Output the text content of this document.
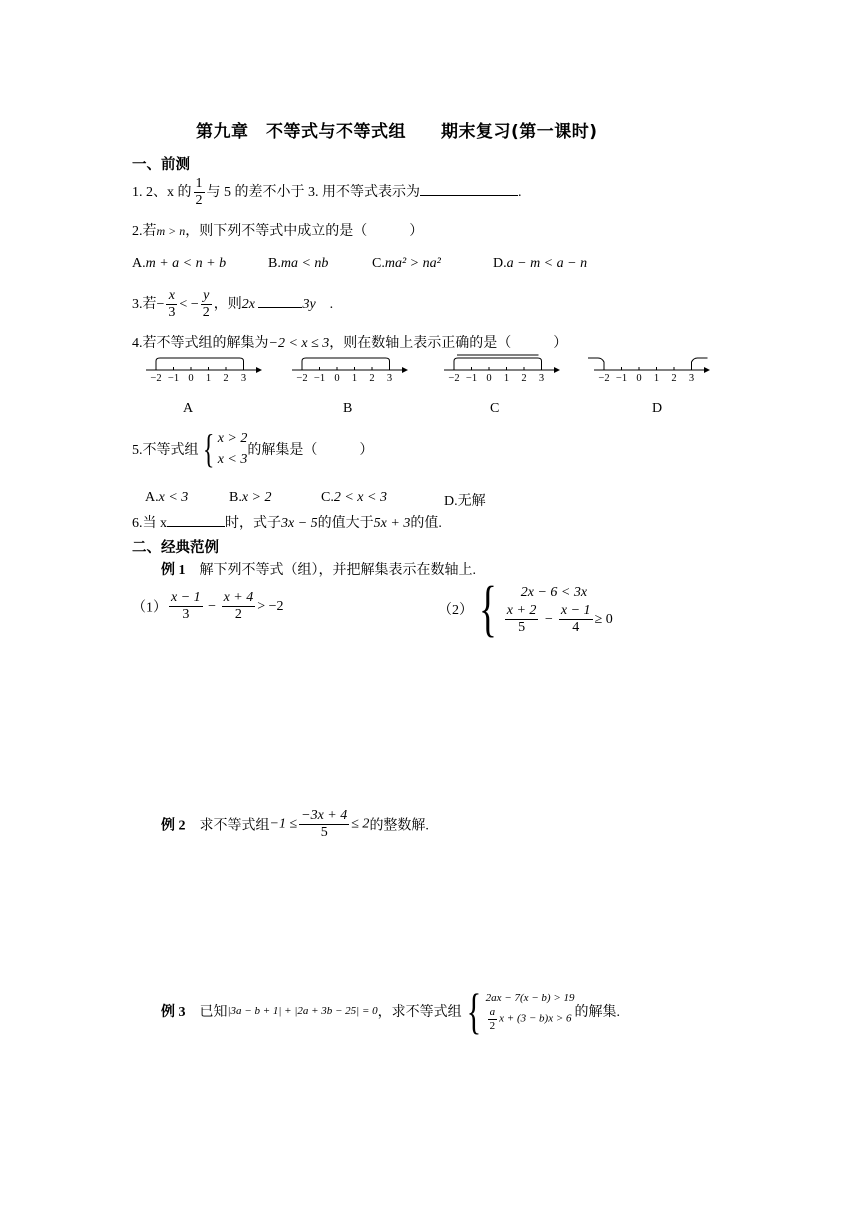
第九章　不等式与不等式组　　期末复习(第一课时)
一、前测
1. 2、x 的 $\frac{1}{2}$ 与 5 的差不小于 3. 用不等式表示为	.
2.若m > n，则下列不等式中成立的是（　　　）
A.m + a < n + b	B.ma < nb	C.ma² > na²	D.a − m < a − n
3.若− $\frac{x}{3}$ < − $\frac{y}{2}$ ，则2x	3y　 .
4.若不等式组的解集为−2 < x ≤ 3，则在数轴上表示正确的是（　　　）
−2 −1 0 1 2 3	−2 −1 0 1 2 3	−2 −1 0 1 2 3	−2 −1 0 1 2 3
A	B	C	D
5.不等式组{ x > 2
x < 3
的解集是（　　　）
A.x < 3	B.x > 2	C.2 < x < 3	D.无解
6.当 x	时，式子3x − 5的值大于5x + 3的值.
二、经典范例
例 1　解下列不等式（组），并把解集表示在数轴上.
$(1) \frac{x - 1}{3} - \frac{x + 4}{2} > -2$	（2）{	2x − 6 < 3x
$\frac{x + 2}{5} - \frac{x - 1}{4} \ge 0$
例 2　求不等式组$-1 \le \frac{-3x + 4}{5} \le 2$的整数解.
例 3　已知|3a − b + 1| + |2a + 3b − 25| = 0，求不等式组{ 2ax − 7(x − b) > 19
$\frac{a}{2}$ x + (3 − b)x > 6 的解集.
